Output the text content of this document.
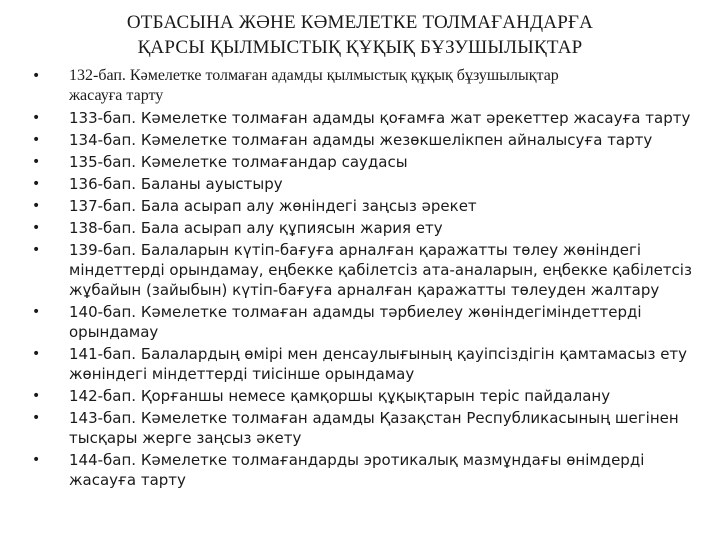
ОТБАСЫНА ЖӘНЕ КӘМЕЛЕТКЕ ТОЛМАҒАНДАРҒА
ҚАРСЫ ҚЫЛМЫСТЫҚ ҚҰҚЫҚ БҰЗУШЫЛЫҚТАР
• 132-бап. Кәмелетке толмаған адамды қылмыстық құқық бұзушылықтар
жасауға тарту
• 133-бап. Кәмелетке толмаған адамды қоғамға жат әрекеттер жасауға тарту
• 134-бап. Кәмелетке толмаған адамды жезөкшелікпен айналысуға тарту
• 135-бап. Кәмелетке толмағандар саудасы
• 136-бап. Баланы ауыстыру
• 137-бап. Бала асырап алу жөніндегі заңсыз әрекет
• 138-бап. Бала асырап алу құпиясын жария ету
• 139-бап. Балаларын күтіп-бағуға арналған қаражатты төлеу жөніндегі
міндеттерді орындамау, еңбекке қабілетсіз ата-аналарын, еңбекке қабілетсіз
жұбайын (зайыбын) күтіп-бағуға арналған қаражатты төлеуден жалтару
• 140-бап. Кәмелетке толмаған адамды тәрбиелеу жөніндегіміндеттерді
орындамау
• 141-бап. Балалардың өмірі мен денсаулығының қауіпсіздігін қамтамасыз ету
жөніндегі міндеттерді тиісінше орындамау
• 142-бап. Қорғаншы немесе қамқоршы құқықтарын теріс пайдалану
• 143-бап. Кәмелетке толмаған адамды Қазақстан Республикасының шегінен
тысқары жерге заңсыз әкету
• 144-бап. Кәмелетке толмағандарды эротикалық мазмұндағы өнімдерді
жасауға тарту
